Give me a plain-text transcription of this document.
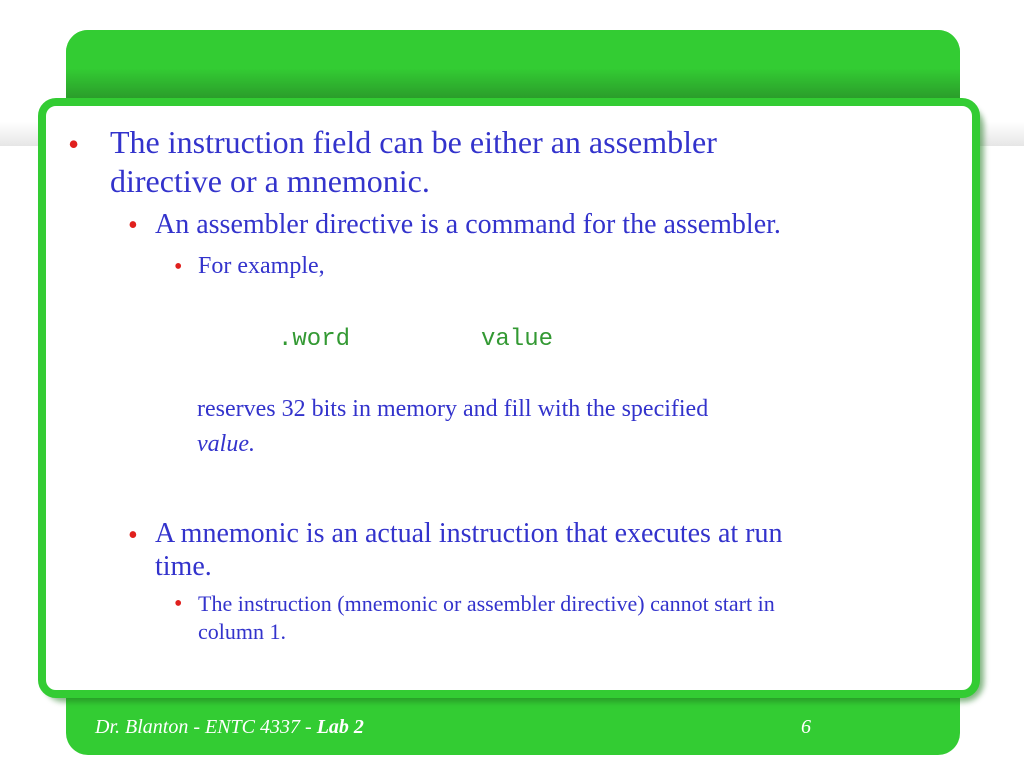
• The instruction field can be either an assembler
directive or a mnemonic.
• An assembler directive is a command for the assembler.
• For example,
.word	value
reserves 32 bits in memory and fill with the specified
value.
• A mnemonic is an actual instruction that executes at run
time.
• The instruction (mnemonic or assembler directive) cannot start in
column 1.
Dr. Blanton - ENTC 4337 - Lab 2	6
